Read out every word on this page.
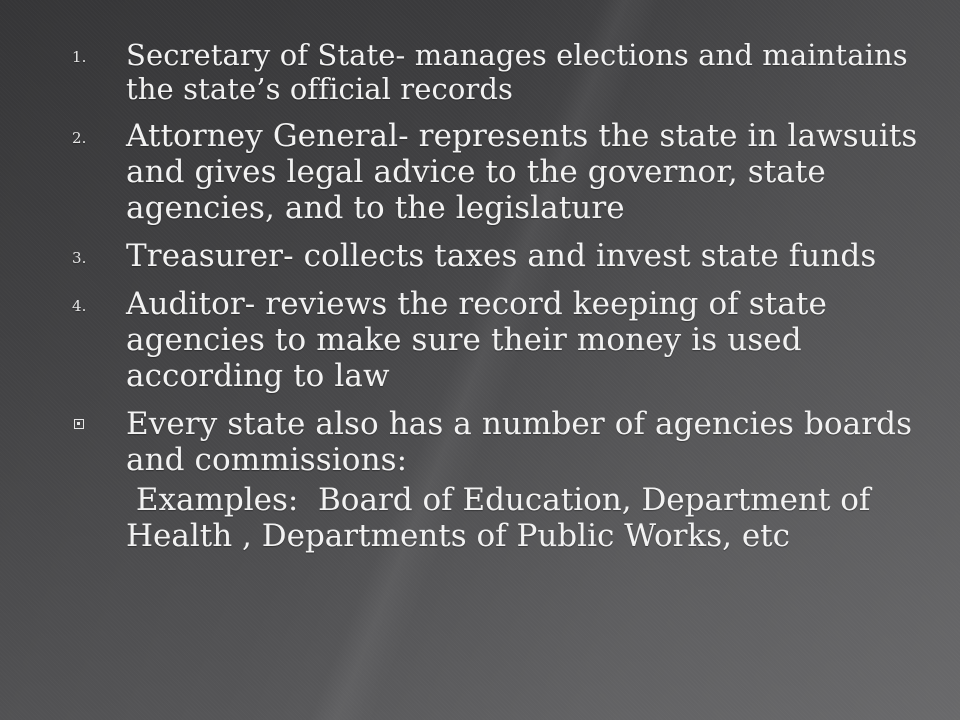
1. Secretary of State- manages elections and maintains the state’s official records
2. Attorney General- represents the state in lawsuits and gives legal advice to the governor, state agencies, and to the legislature
3. Treasurer- collects taxes and invest state funds
4. Auditor- reviews the record keeping of state agencies to make sure their money is used according to law
Every state also has a number of agencies boards and commissions:
Examples:  Board of Education, Department of Health , Departments of Public Works, etc
